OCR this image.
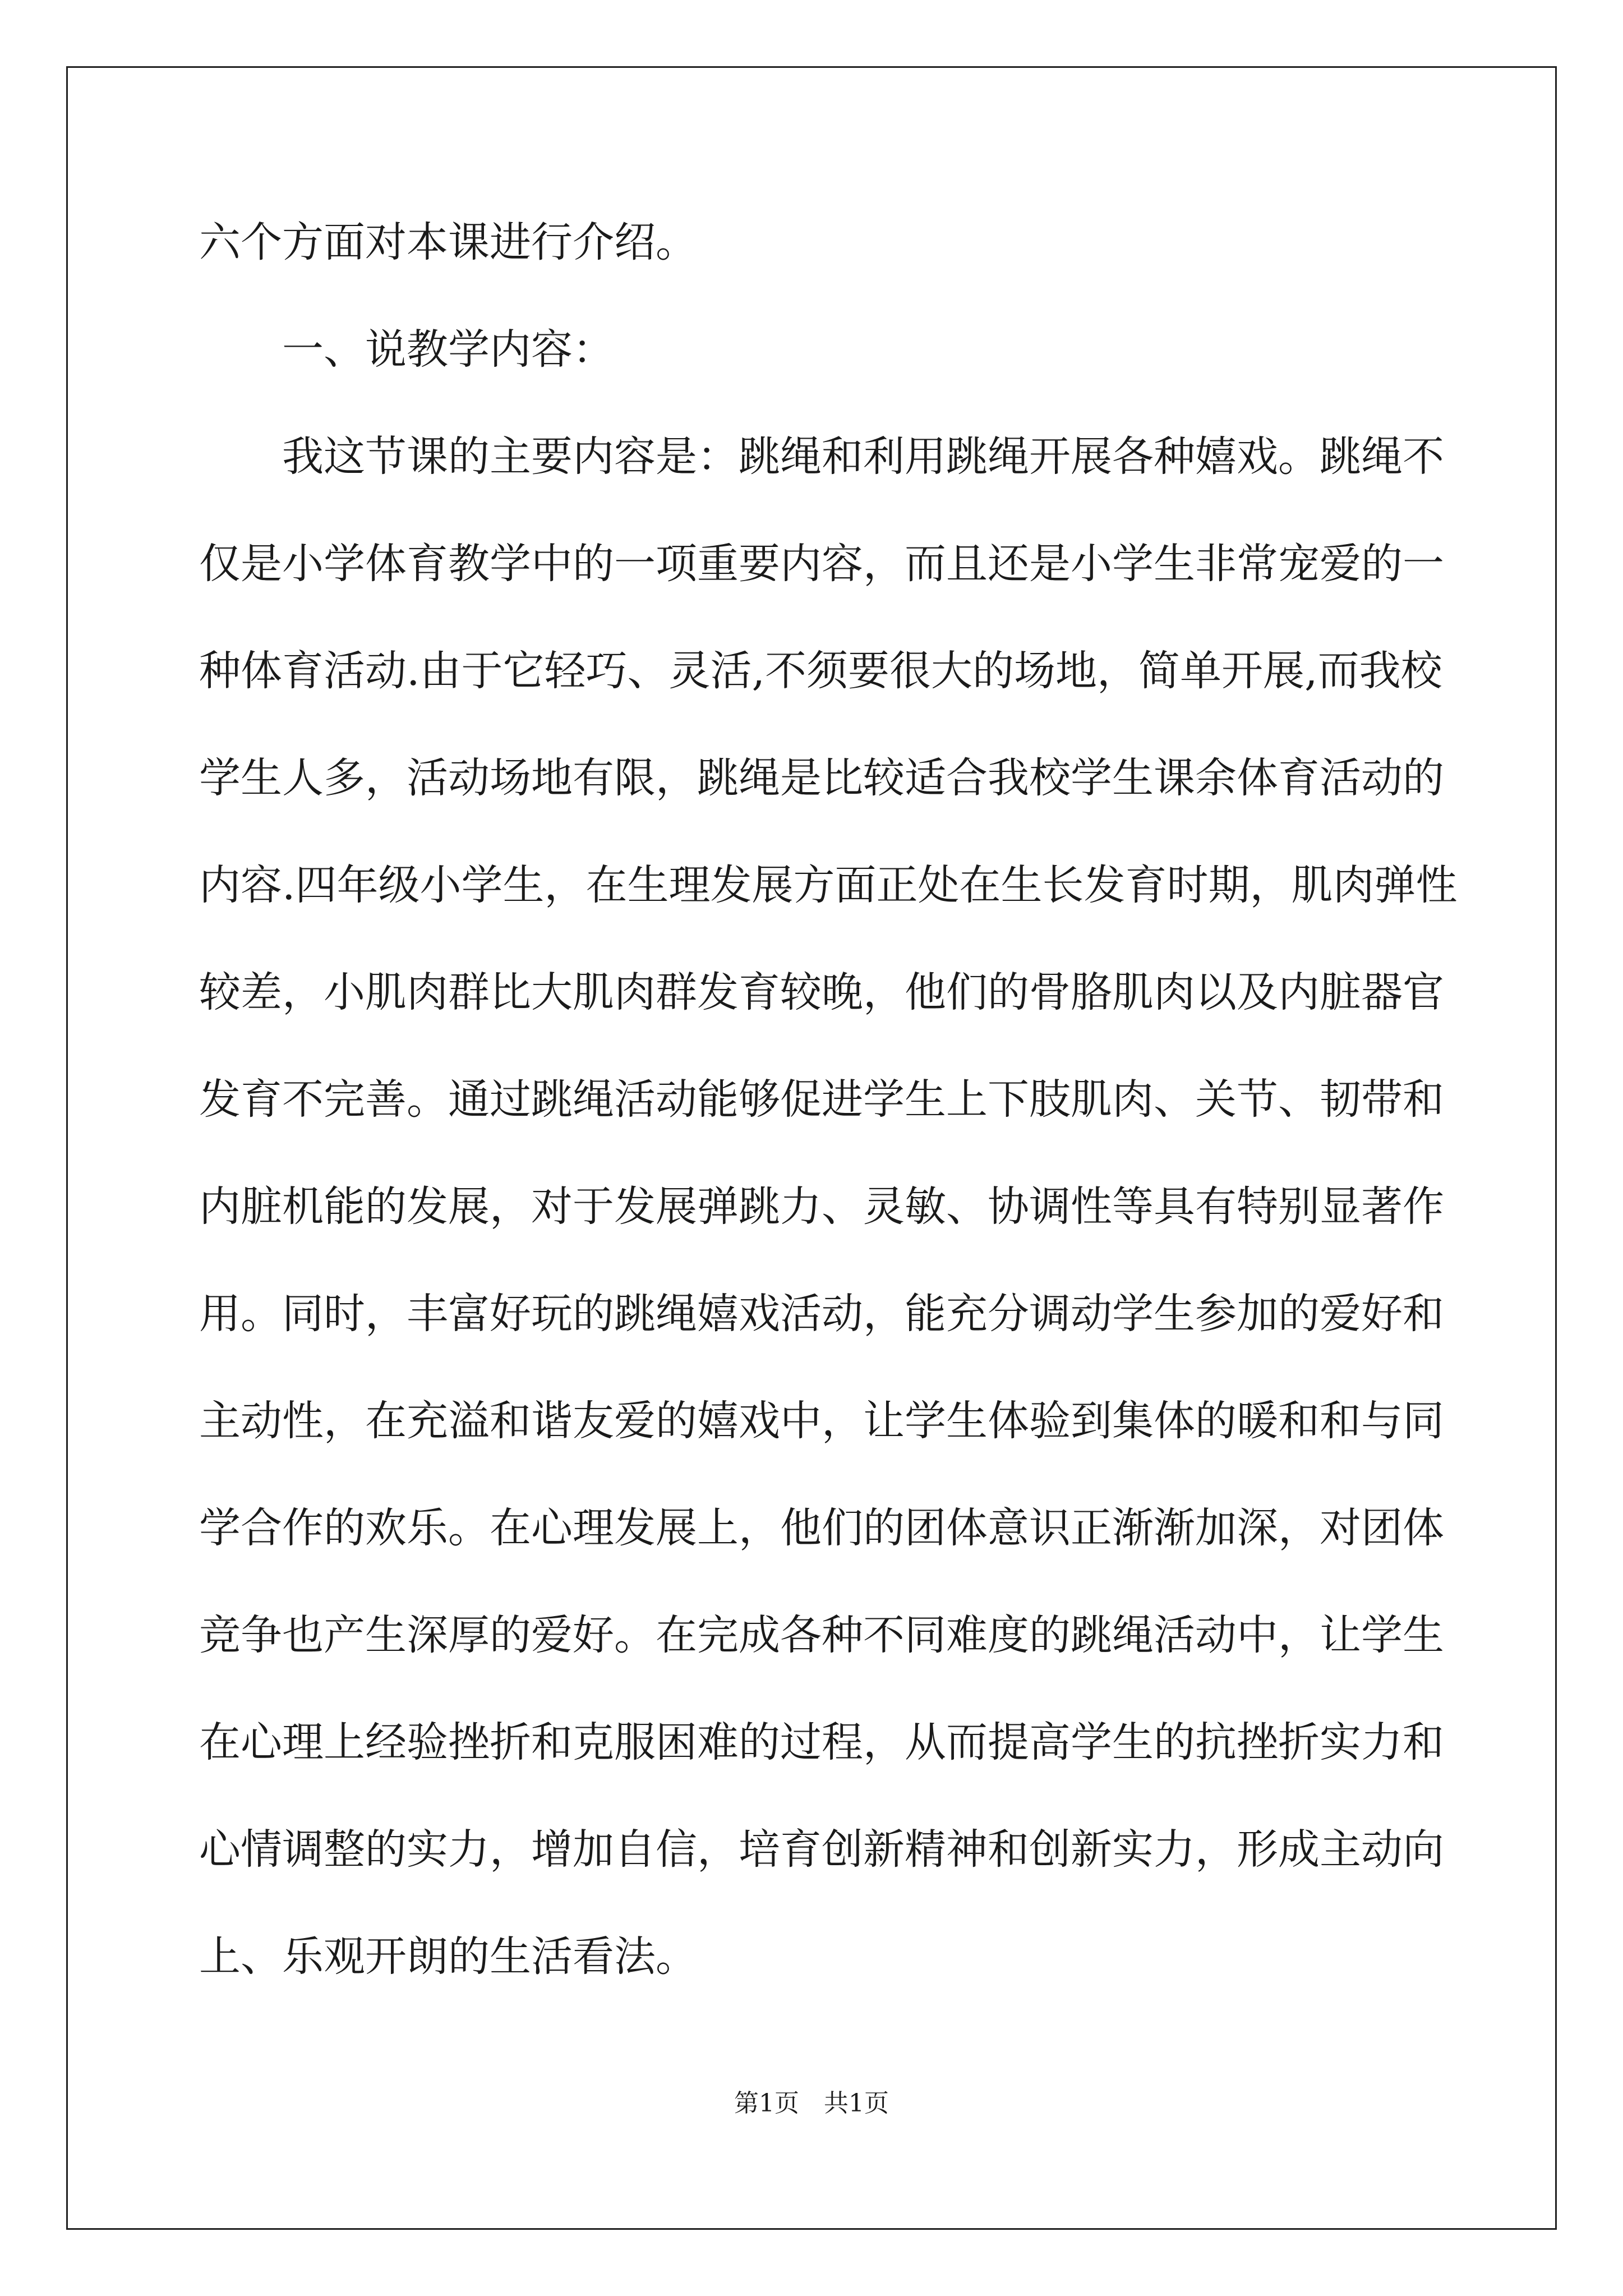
六个方面对本课进行介绍。
一、说教学内容：
我这节课的主要内容是：跳绳和利用跳绳开展各种嬉戏。跳绳不
仅是小学体育教学中的一项重要内容，而且还是小学生非常宠爱的一
种体育活动.由于它轻巧、灵活,不须要很大的场地，简单开展,而我校
学生人多，活动场地有限，跳绳是比较适合我校学生课余体育活动的
内容.四年级小学生，在生理发展方面正处在生长发育时期，肌肉弹性
较差，小肌肉群比大肌肉群发育较晚，他们的骨胳肌肉以及内脏器官
发育不完善。通过跳绳活动能够促进学生上下肢肌肉、关节、韧带和
内脏机能的发展，对于发展弹跳力、灵敏、协调性等具有特别显著作
用。同时，丰富好玩的跳绳嬉戏活动，能充分调动学生参加的爱好和
主动性，在充溢和谐友爱的嬉戏中，让学生体验到集体的暖和和与同
学合作的欢乐。在心理发展上，他们的团体意识正渐渐加深，对团体
竞争也产生深厚的爱好。在完成各种不同难度的跳绳活动中，让学生
在心理上经验挫折和克服困难的过程，从而提高学生的抗挫折实力和
心情调整的实力，增加自信，培育创新精神和创新实力，形成主动向
上、乐观开朗的生活看法。
第1页　共1页
